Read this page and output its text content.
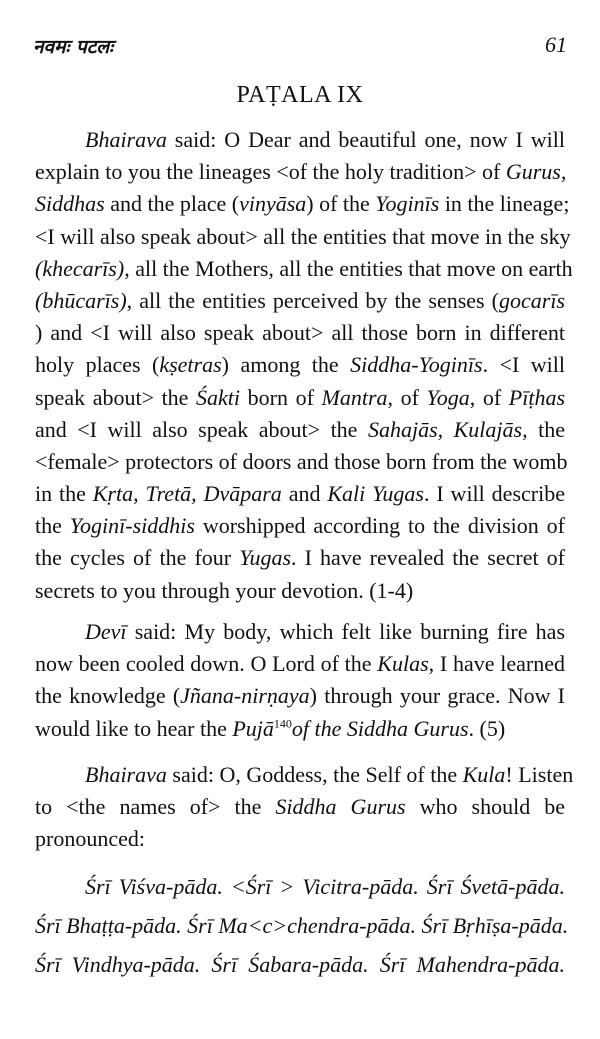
नवमः पटलः	61
PAṬALA IX
Bhairava said: O Dear and beautiful one, now I will
explain to you the lineages <of the holy tradition> of Gurus,
Siddhas and the place (vinyāsa) of the Yoginīs in the lineage;
<I will also speak about> all the entities that move in the sky
(khecarīs), all the Mothers, all the entities that move on earth
(bhūcarīs), all the entities perceived by the senses (gocarīs
) and <I will also speak about> all those born in different
holy places (kṣetras) among the Siddha-Yoginīs. <I will
speak about> the Śakti born of Mantra, of Yoga, of Pīṭhas
and <I will also speak about> the Sahajās, Kulajās, the
<female> protectors of doors and those born from the womb
in the Kṛta, Tretā, Dvāpara and Kali Yugas. I will describe
the Yoginī-siddhis worshipped according to the division of
the cycles of the four Yugas. I have revealed the secret of
secrets to you through your devotion. (1-4)
Devī said: My body, which felt like burning fire has
now been cooled down. O Lord of the Kulas, I have learned
the knowledge (Jñana-nirṇaya) through your grace. Now I
would like to hear the Pujā$^{140}$of the Siddha Gurus. (5)
Bhairava said: O, Goddess, the Self of the Kula! Listen
to <the names of> the Siddha Gurus who should be
pronounced:
Śrī Viśva-pāda. <Śrī > Vicitra-pāda. Śrī Śvetā-pāda.
Śrī Bhaṭṭa-pāda. Śrī Ma<c>chendra-pāda. Śrī Bṛhīṣa-pāda.
Śrī Vindhya-pāda. Śrī Śabara-pāda. Śrī Mahendra-pāda.
